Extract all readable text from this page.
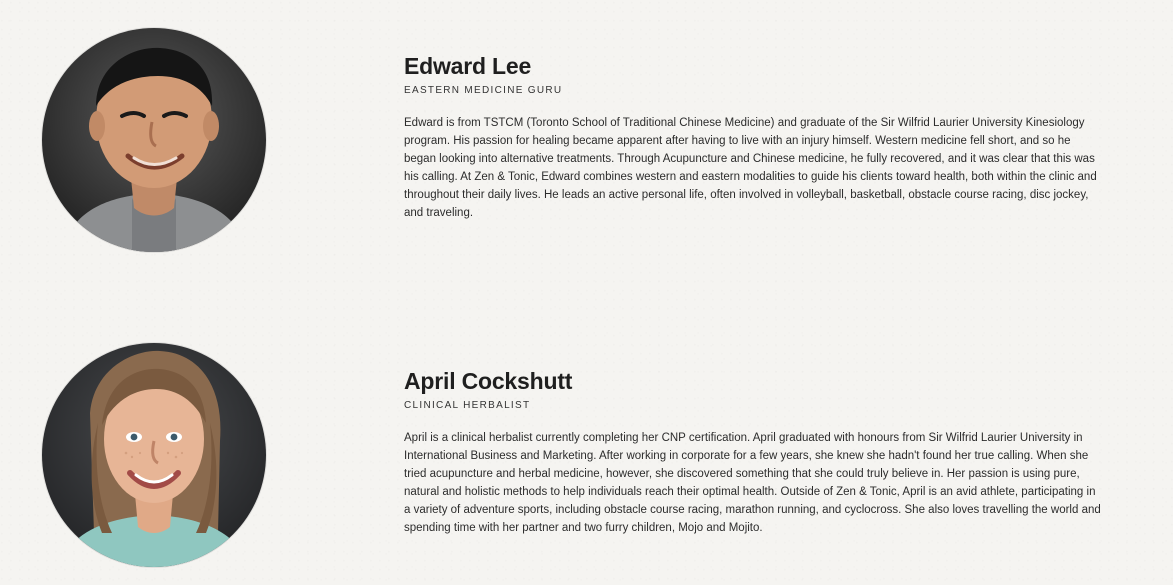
Edward Lee
EASTERN MEDICINE GURU
Edward is from TSTCM (Toronto School of Traditional Chinese Medicine) and graduate of the Sir Wilfrid Laurier University Kinesiology program. His passion for healing became apparent after having to live with an injury himself. Western medicine fell short, and so he began looking into alternative treatments. Through Acupuncture and Chinese medicine, he fully recovered, and it was clear that this was his calling. At Zen & Tonic, Edward combines western and eastern modalities to guide his clients toward health, both within the clinic and throughout their daily lives. He leads an active personal life, often involved in volleyball, basketball, obstacle course racing, disc jockey, and traveling.
April Cockshutt
CLINICAL HERBALIST
April is a clinical herbalist currently completing her CNP certification. April graduated with honours from Sir Wilfrid Laurier University in International Business and Marketing. After working in corporate for a few years, she knew she hadn't found her true calling. When she tried acupuncture and herbal medicine, however, she discovered something that she could truly believe in. Her passion is using pure, natural and holistic methods to help individuals reach their optimal health. Outside of Zen & Tonic, April is an avid athlete, participating in a variety of adventure sports, including obstacle course racing, marathon running, and cyclocross. She also loves travelling the world and spending time with her partner and two furry children, Mojo and Mojito.
